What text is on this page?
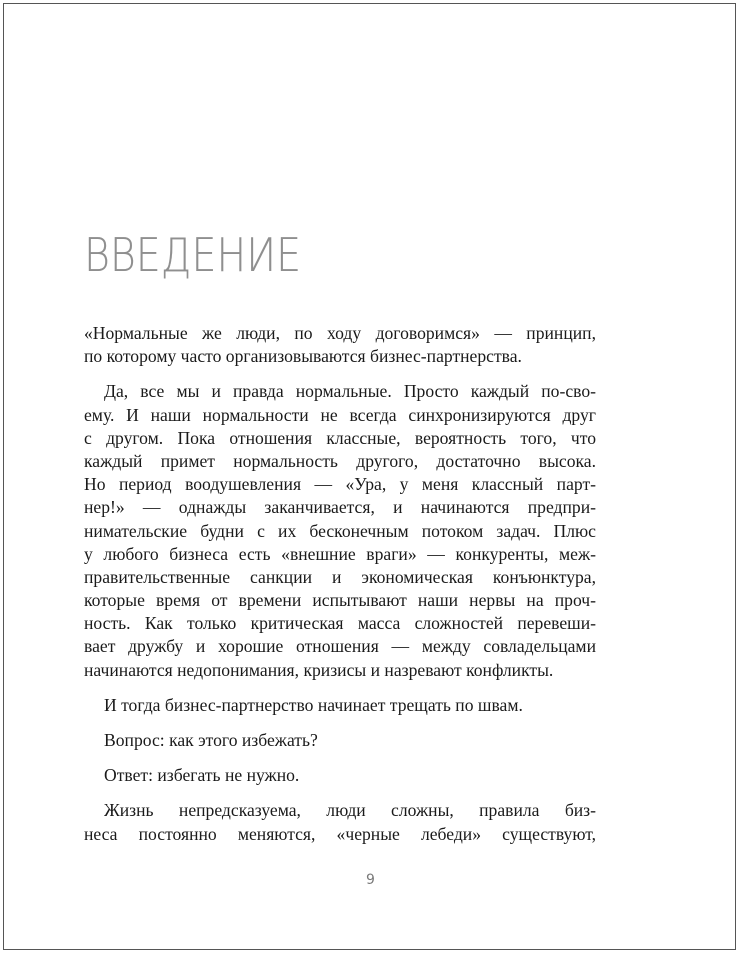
ВВЕДЕНИЕ
«Нормальные же люди, по ходу договоримся» — принцип,
по которому часто организовываются бизнес-партнерства.
Да, все мы и правда нормальные. Просто каждый по-сво-
ему. И наши нормальности не всегда синхронизируются друг
с другом. Пока отношения классные, вероятность того, что
каждый примет нормальность другого, достаточно высока.
Но период воодушевления — «Ура, у меня классный парт-
нер!» — однажды заканчивается, и начинаются предпри-
нимательские будни с их бесконечным потоком задач. Плюс
у любого бизнеса есть «внешние враги» — конкуренты, меж-
правительственные санкции и экономическая конъюнктура,
которые время от времени испытывают наши нервы на проч-
ность. Как только критическая масса сложностей перевеши-
вает дружбу и хорошие отношения — между совладельцами
начинаются недопонимания, кризисы и назревают конфликты.
И тогда бизнес-партнерство начинает трещать по швам.
Вопрос: как этого избежать?
Ответ: избегать не нужно.
Жизнь непредсказуема, люди сложны, правила биз-
неса постоянно меняются, «черные лебеди» существуют,
9
